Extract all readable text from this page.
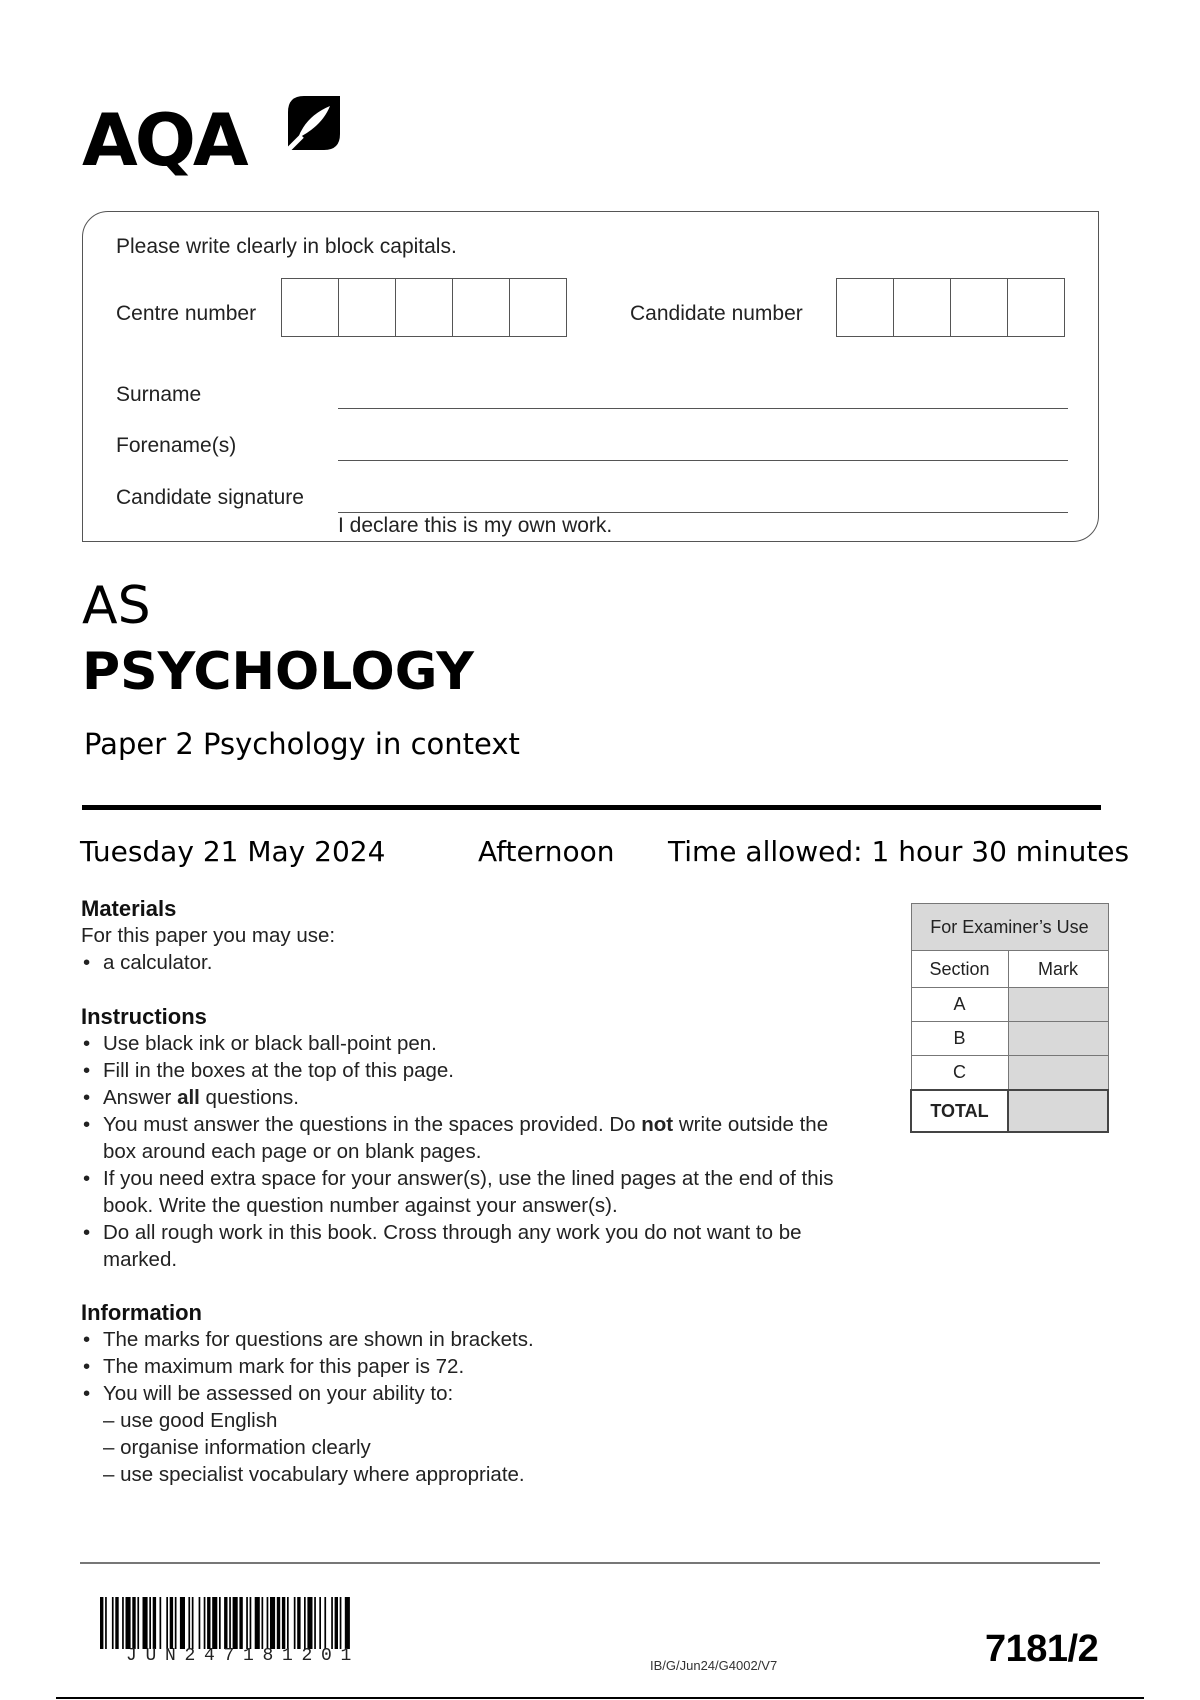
AQA
Please write clearly in block capitals.
Centre number	Candidate number
Surname
Forename(s)
Candidate signature
I declare this is my own work.
AS
PSYCHOLOGY
Paper 2 Psychology in context
Tuesday 21 May 2024	Afternoon Time allowed: 1 hour 30 minutes
Materials
For this paper you may use:
• a calculator.
Instructions
• Use black ink or black ball-point pen.
• Fill in the boxes at the top of this page.
• Answer all questions.
• You must answer the questions in the spaces provided. Do not write outside the box around each page or on blank pages.
• If you need extra space for your answer(s), use the lined pages at the end of this book. Write the question number against your answer(s).
• Do all rough work in this book. Cross through any work you do not want to be marked.
Information
• The marks for questions are shown in brackets.
• The maximum mark for this paper is 72.
• You will be assessed on your ability to:
– use good English
– organise information clearly
– use specialist vocabulary where appropriate.
For Examiner’s Use	
Section	Mark
A	
B	
C	
TOTAL	
JUN247181201	IB/G/Jun24/G4002/V7	7181/2
